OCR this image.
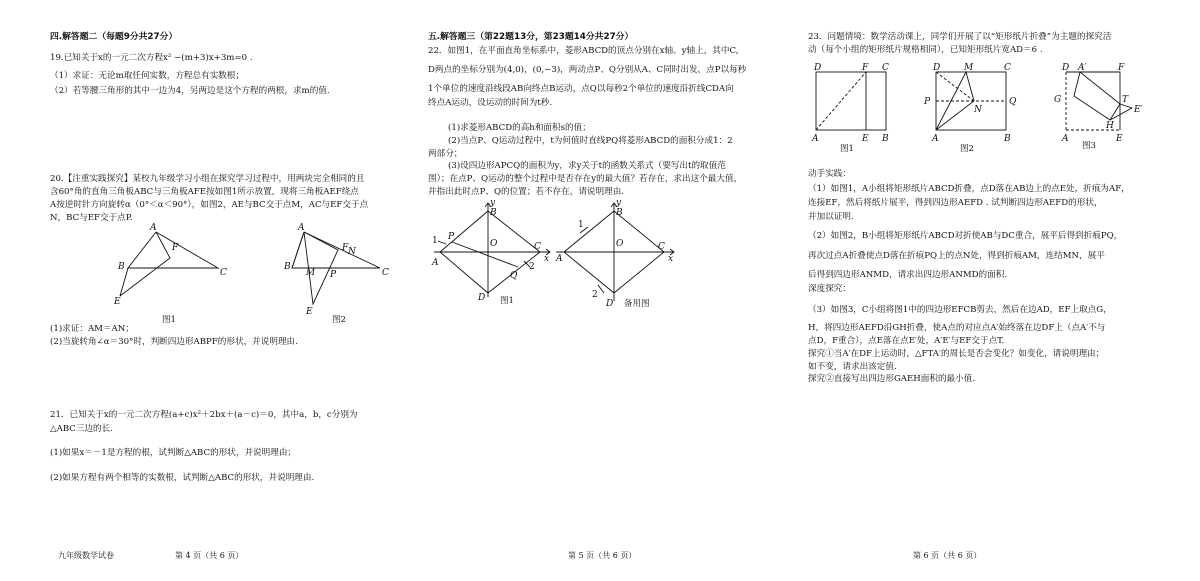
四.解答题二（每题9分共27分）

19.已知关于x的一元二次方程x² −(m+3)x+3m=0 .

（1）求证：无论m取任何实数，方程总有实数根；

（2）若等腰三角形的其中一边为4，另两边是这个方程的两根，求m的值.

20.【注重实践探究】某校九年级学习小组在探究学习过程中，用两块完全相同的且

含60°角的直角三角板ABC与三角板AFE按如图1所示放置，现将三角板AEF绕点

A按逆时针方向旋转α（0°＜α＜90°），如图2，AE与BC交于点M，AC与EF交于点

N，BC与EF交于点P.

A
F
B
C
E
图1
A
F
B
M P
N
C
E
图2

(1)求证：AM＝AN；

(2)当旋转角∠α＝30°时，判断四边形ABPF的形状，并说明理由.

21．已知关于x的一元二次方程(a+c)x²＋2bx＋(a－c)＝0，其中a，b，c分别为

△ABC三边的长.

(1)如果x＝－1是方程的根，试判断△ABC的形状，并说明理由；

(2)如果方程有两个相等的实数根，试判断△ABC的形状，并说明理由.

九年级数学试卷	第 4 页（共 6 页）

五.解答题三（第22题13分，第23题14分共27分）

22．如图1，在平面直角坐标系中，菱形ABCD的顶点分别在x轴、y轴上，其中C,

D两点的坐标分别为(4,0)，(0,−3)，两动点P、Q分别从A、C同时出发，点P以每秒

1个单位的速度沿线段AB向终点B运动，点Q以每秒2个单位的速度沿折线CDA向

终点A运动，设运动的时间为t秒.

(1)求菱形ABCD的高h和面积s的值；

(2)当点P、Q运动过程中，t为何值时直线PQ将菱形ABCD的面积分成1：2

两部分；

(3)设四边形APCQ的面积为y，求y关于t的函数关系式（要写出t的取值范

围）；在点P、Q运动的整个过程中是否存在y的最大值？若存在，求出这个最大值，

并指出此时点P、Q的位置；若不存在，请说明理由.

y
B
P
1
A
O	C
x
Q
2
D 图1
y
B
1
A
O	C
x
2
D 备用图
第 5 页（共 6 页）

23．问题情境：数学活动课上，同学们开展了以“矩形纸片折叠”为主题的探究活

动（每个小组的矩形纸片规格相同），已知矩形纸片宽AD＝6 .

D	F C
A	E B
图1
D	M	C
P	Q
N
A	B
图2
D A′	F
G	T
E′
H
A	E
图3

动手实践：

（1）如图1，A小组将矩形纸片ABCD折叠，点D落在AB边上的点E处，折痕为AF，

连接EF，然后将纸片展平，得到四边形AEFD . 试判断四边形AEFD的形状，

并加以证明.

（2）如图2，B小组将矩形纸片ABCD对折使AB与DC重合，展平后得到折痕PQ，

再次过点A折叠使点D落在折痕PQ上的点N处，得到折痕AM，连结MN，展平

后得到四边形ANMD，请求出四边形ANMD的面积.

深度探究：

（3）如图3，C小组将图1中的四边形EFCB剪去，然后在边AD，EF上取点G，

H，将四边形AEFD沿GH折叠，使A点的对应点A′始终落在边DF上（点A′不与

点D，F重合），点E落在点E′处，A′E′与EF交于点T.

探究①当A′在DF上运动时，△FTA′的周长是否会变化？如变化，请说明理由；

如不变，请求出该定值.

探究②直接写出四边形GAEH面积的最小值.

第 6 页（共 6 页）
